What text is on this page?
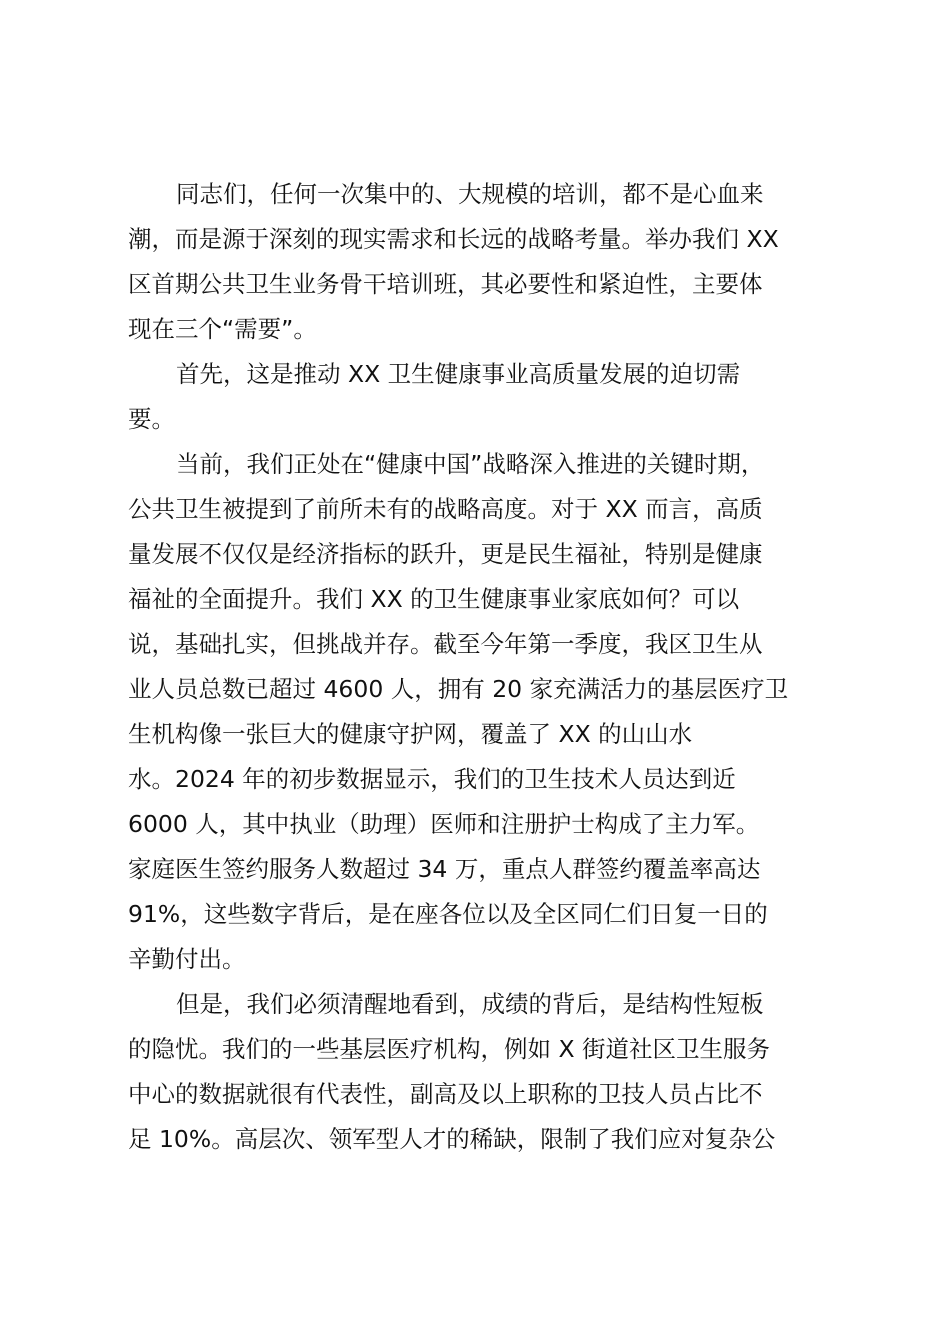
同志们，任何一次集中的、大规模的培训，都不是心血来
潮，而是源于深刻的现实需求和长远的战略考量。举办我们 XX
区首期公共卫生业务骨干培训班，其必要性和紧迫性，主要体
现在三个“需要”。

首先，这是推动 XX 卫生健康事业高质量发展的迫切需
要。

当前，我们正处在“健康中国”战略深入推进的关键时期，
公共卫生被提到了前所未有的战略高度。对于 XX 而言，高质
量发展不仅仅是经济指标的跃升，更是民生福祉，特别是健康
福祉的全面提升。我们 XX 的卫生健康事业家底如何？可以
说，基础扎实，但挑战并存。截至今年第一季度，我区卫生从
业人员总数已超过 4600 人，拥有 20 家充满活力的基层医疗卫
生机构像一张巨大的健康守护网，覆盖了 XX 的山山水
水。2024 年的初步数据显示，我们的卫生技术人员达到近
6000 人，其中执业（助理）医师和注册护士构成了主力军。
家庭医生签约服务人数超过 34 万，重点人群签约覆盖率高达
91%，这些数字背后，是在座各位以及全区同仁们日复一日的
辛勤付出。

但是，我们必须清醒地看到，成绩的背后，是结构性短板
的隐忧。我们的一些基层医疗机构，例如 X 街道社区卫生服务
中心的数据就很有代表性，副高及以上职称的卫技人员占比不
足 10%。高层次、领军型人才的稀缺，限制了我们应对复杂公
